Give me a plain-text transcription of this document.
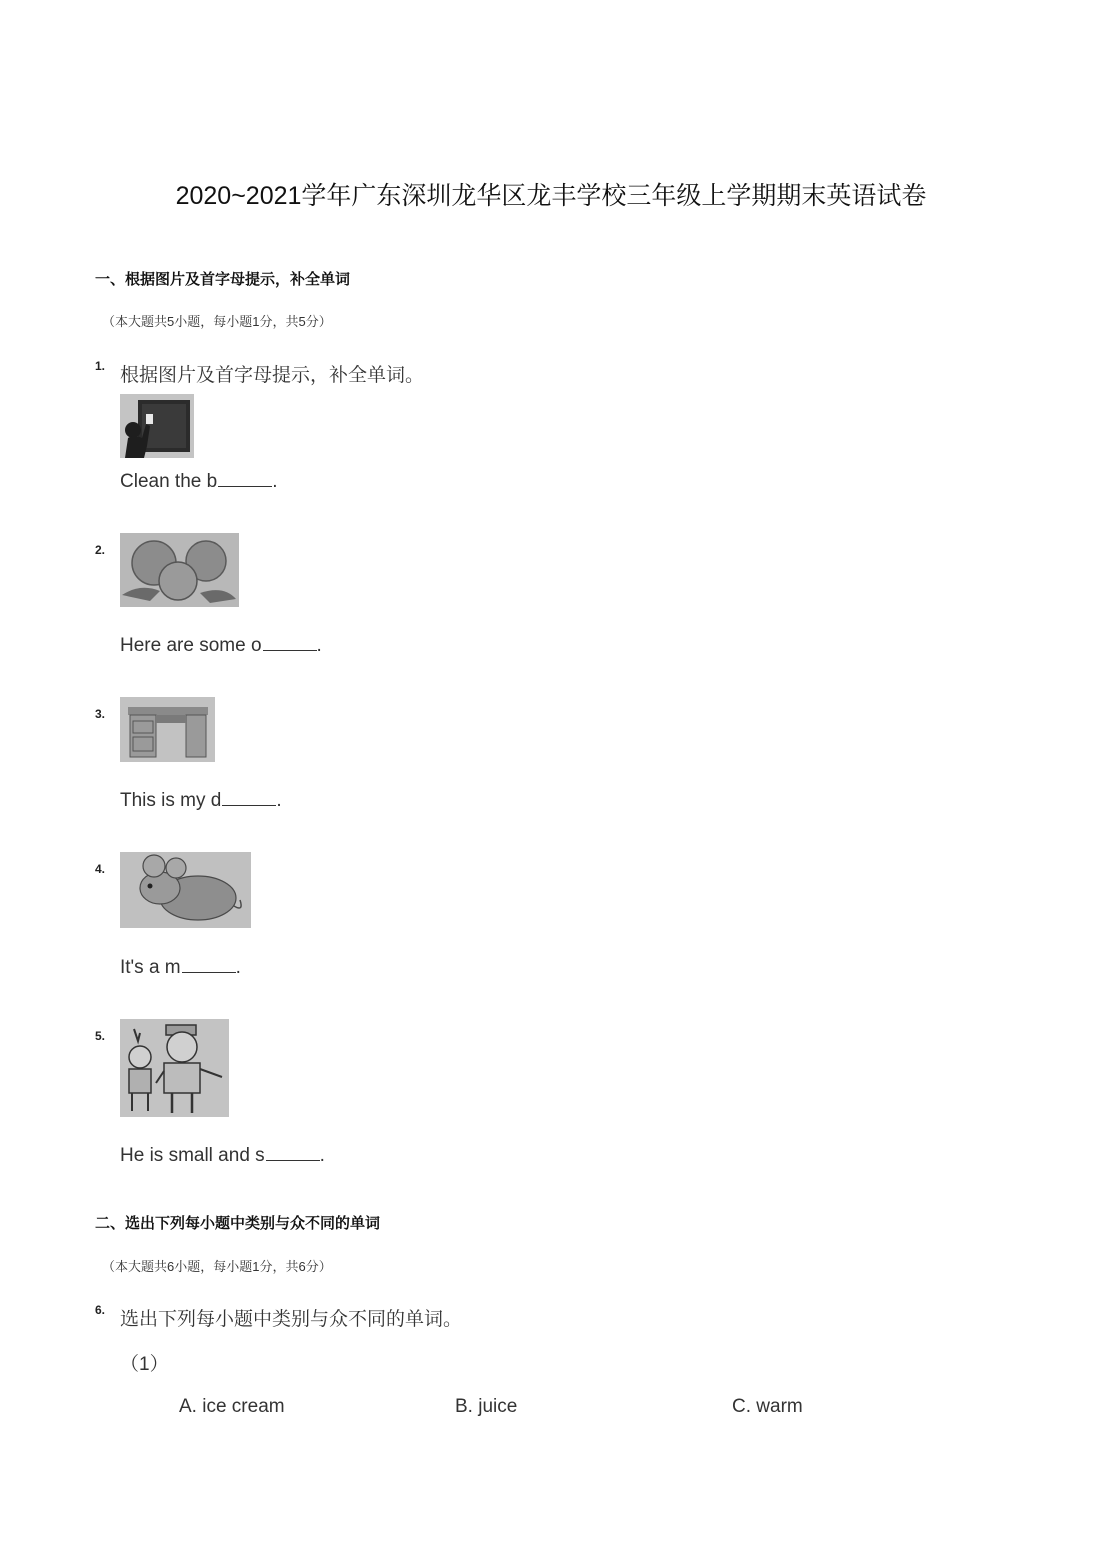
2020~2021学年广东深圳龙华区龙丰学校三年级上学期期末英语试卷
一、根据图片及首字母提示，补全单词
（本大题共5小题，每小题1分，共5分）
1. 根据图片及首字母提示，补全单词。
Clean the b	.
2.
Here are some o	.
3.
This is my d	.
4.
It's a m	.
5.
He is small and s	.
二、选出下列每小题中类别与众不同的单词
（本大题共6小题，每小题1分，共6分）
6. 选出下列每小题中类别与众不同的单词。
（1）
A. ice cream	B. juice	C. warm
